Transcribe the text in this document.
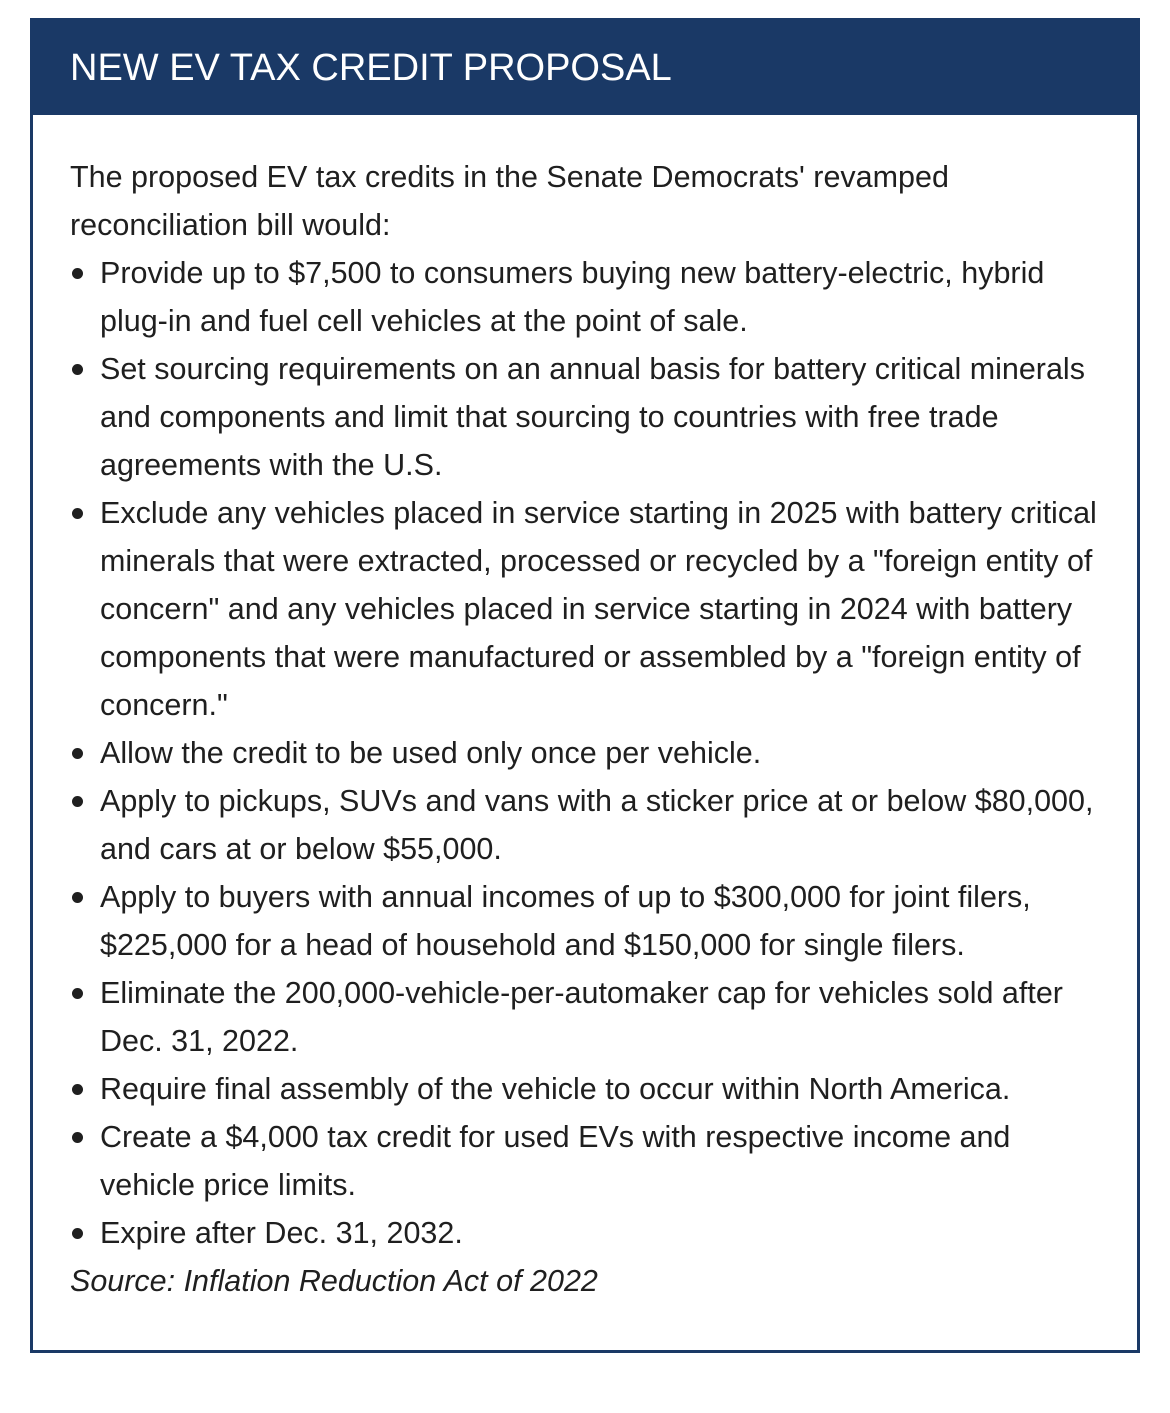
NEW EV TAX CREDIT PROPOSAL

The proposed EV tax credits in the Senate Democrats' revamped reconciliation bill would:

Provide up to $7,500 to consumers buying new battery-electric, hybrid plug-in and fuel cell vehicles at the point of sale.
Set sourcing requirements on an annual basis for battery critical minerals and components and limit that sourcing to countries with free trade agreements with the U.S.
Exclude any vehicles placed in service starting in 2025 with battery critical minerals that were extracted, processed or recycled by a "foreign entity of concern" and any vehicles placed in service starting in 2024 with battery components that were manufactured or assembled by a "foreign entity of concern."
Allow the credit to be used only once per vehicle.
Apply to pickups, SUVs and vans with a sticker price at or below $80,000, and cars at or below $55,000.
Apply to buyers with annual incomes of up to $300,000 for joint filers, $225,000 for a head of household and $150,000 for single filers.
Eliminate the 200,000-vehicle-per-automaker cap for vehicles sold after Dec. 31, 2022.
Require final assembly of the vehicle to occur within North America.
Create a $4,000 tax credit for used EVs with respective income and vehicle price limits.
Expire after Dec. 31, 2032.

Source: Inflation Reduction Act of 2022
